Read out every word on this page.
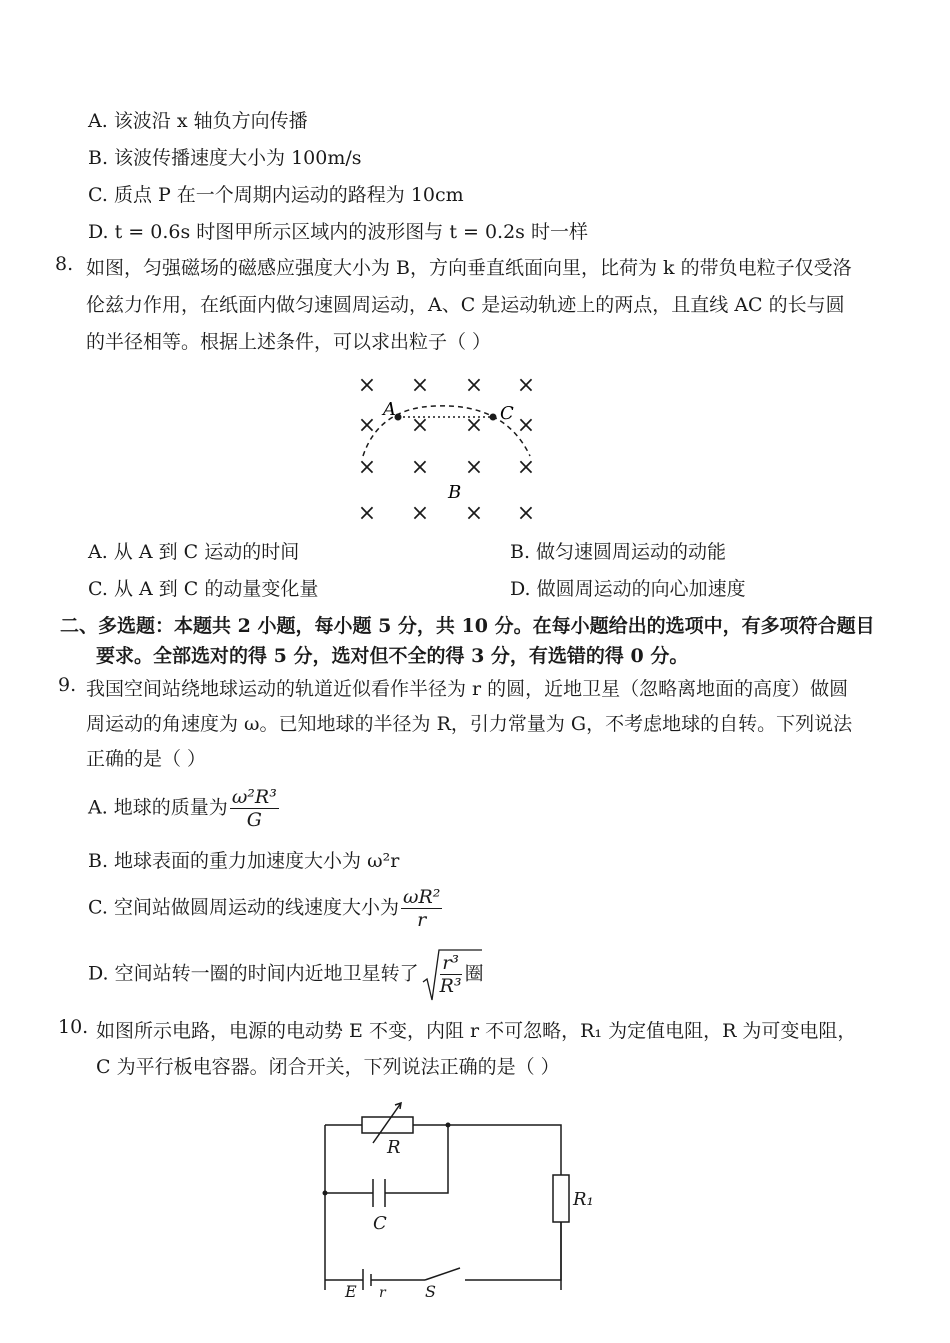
A. 该波沿 x 轴负方向传播
B. 该波传播速度大小为 100m/s
C. 质点 P 在一个周期内运动的路程为 10cm
D. t = 0.6s 时图甲所示区域内的波形图与 t = 0.2s 时一样
8. 如图，匀强磁场的磁感应强度大小为 B，方向垂直纸面向里，比荷为 k 的带负电粒子仅受洛
伦兹力作用，在纸面内做匀速圆周运动，A、C 是运动轨迹上的两点，且直线 AC 的长与圆
的半径相等。根据上述条件，可以求出粒子（ ）
× × × ×
× × × ×
× × × ×
× × × ×
A	C
B
A. 从 A 到 C 运动的时间	B. 做匀速圆周运动的动能
C. 从 A 到 C 的动量变化量	D. 做圆周运动的向心加速度
二、多选题：本题共 2 小题，每小题 5 分，共 10 分。在每小题给出的选项中，有多项符合题目
要求。全部选对的得 5 分，选对但不全的得 3 分，有选错的得 0 分。
9. 我国空间站绕地球运动的轨道近似看作半径为 r 的圆，近地卫星（忽略离地面的高度）做圆
周运动的角速度为 ω。已知地球的半径为 R，引力常量为 G，不考虑地球的自转。下列说法
正确的是（ ）
A. 地球的质量为 $\frac{\text{ω²R³}}{G}$
B. 地球表面的重力加速度大小为 ω²r
C. 空间站做圆周运动的线速度大小为 $\frac{\text{ωR²}}{r}$
D. 空间站转一圈的时间内近地卫星转了 $\frac{\text{r³}}{\text{R³}}$ 圈
10. 如图所示电路，电源的电动势 E 不变，内阻 r 不可忽略，R₁ 为定值电阻，R 为可变电阻，
C 为平行板电容器。闭合开关，下列说法正确的是（ ）
R
C
R₁
E r S
